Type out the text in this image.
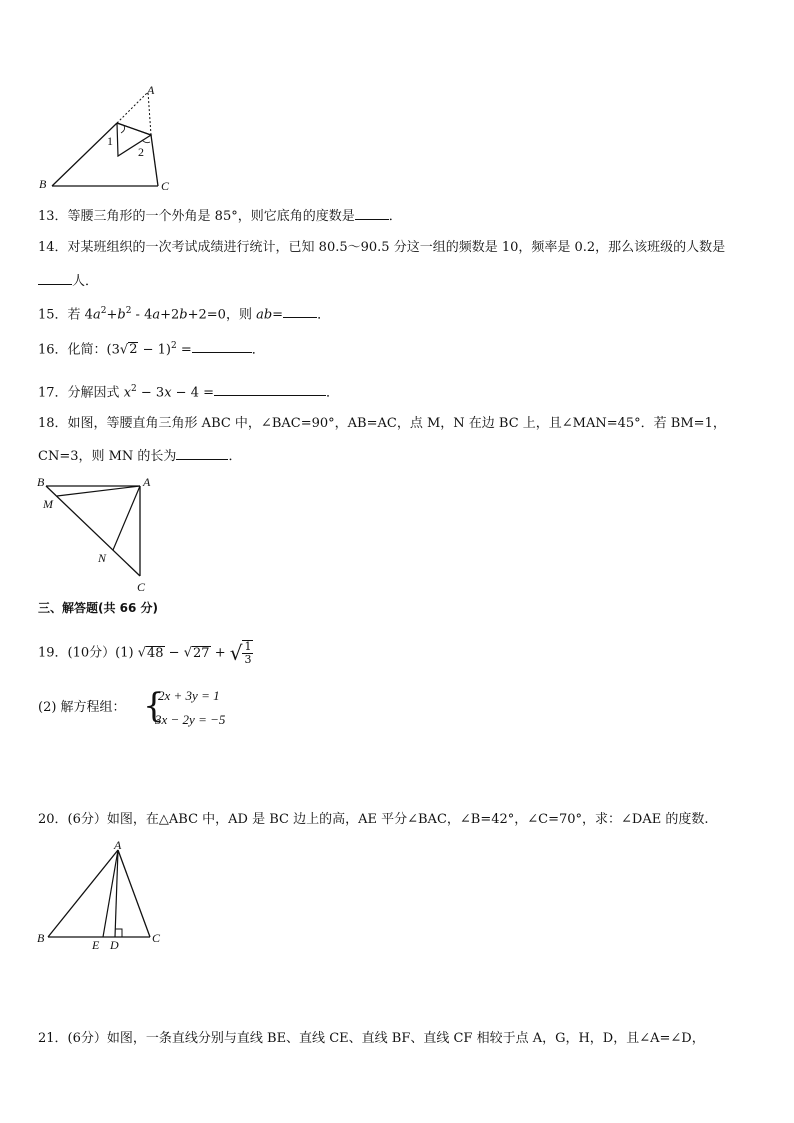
A
B	C
1
2
13．等腰三角形的一个外角是 85°，则它底角的度数是	．
14．对某班组织的一次考试成绩进行统计，已知 80.5～90.5 分这一组的频数是 10，频率是 0.2，那么该班级的人数是
人．
15．若 $4a^2+b^2 - 4a+2b+2=0$，则 ab=	．
16．化简：$(3√2 - 1)^2$ =	．
17．分解因式 $x^2 - 3x - 4$ =	．
18．如图，等腰直角三角形 ABC 中，∠BAC=90°，AB=AC，点 M，N 在边 BC 上，且∠MAN=45°．若 BM=1，
CN=3，则 MN 的长为	．
B	A
M
N
C
三、解答题(共 66 分)
19．(10分）(1) √48 − √27 + √ $\frac{1}{3}$
(2) 解方程组： {
2x + 3y = 1
3x − 2y = −5
20．(6分）如图，在△ABC 中，AD 是 BC 边上的高，AE 平分∠BAC，∠B=42°，∠C=70°，求：∠DAE 的度数.
A
B	E D	C
21．(6分）如图，一条直线分别与直线 BE、直线 CE、直线 BF、直线 CF 相较于点 A，G，H，D，且∠A=∠D，
